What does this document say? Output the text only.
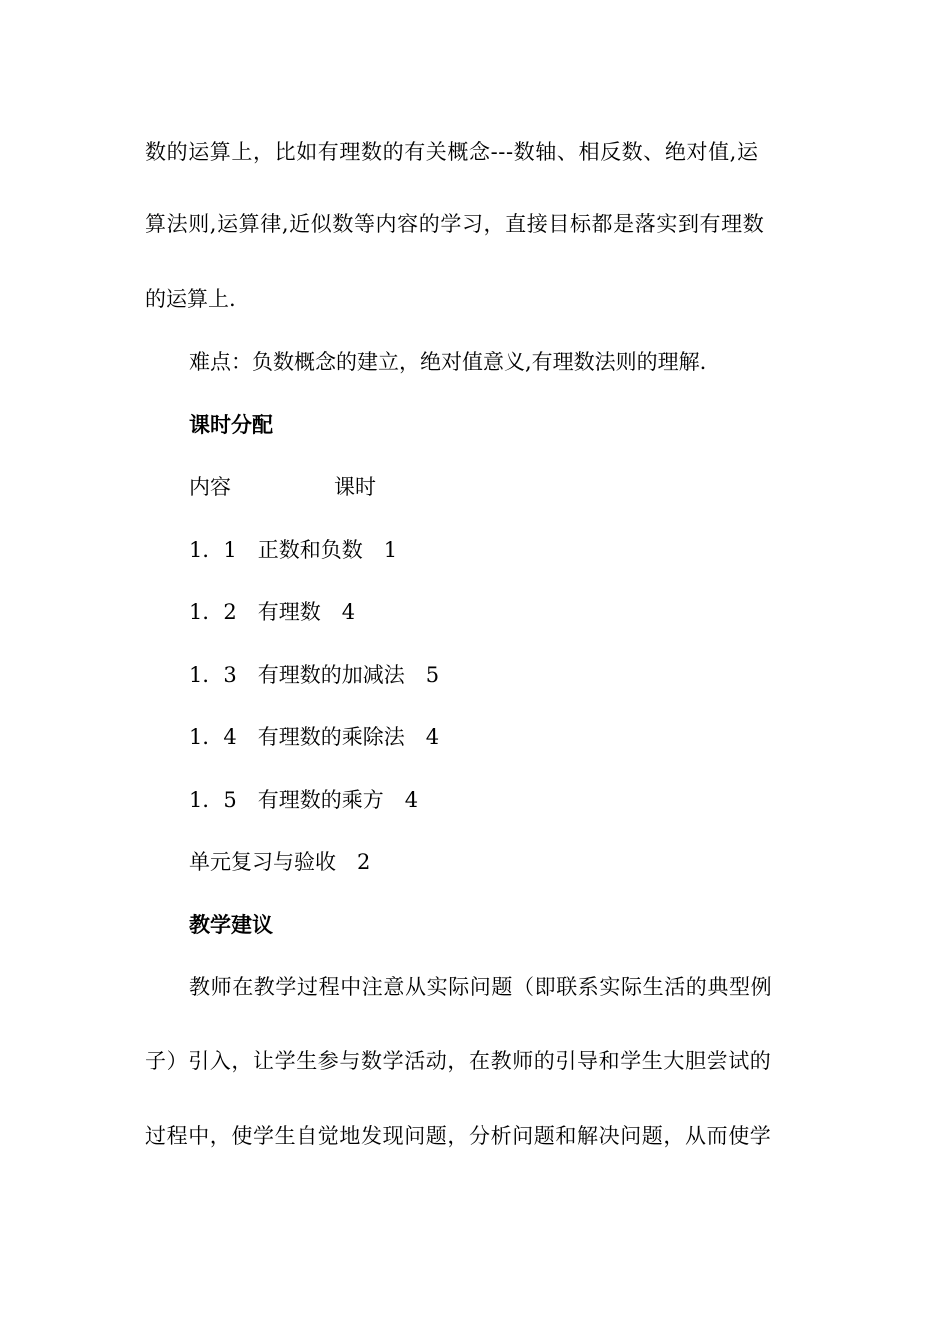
数的运算上，比如有理数的有关概念---数轴、相反数、绝对值,运
算法则,运算律,近似数等内容的学习，直接目标都是落实到有理数
的运算上.
难点：负数概念的建立，绝对值意义,有理数法则的理解.
课时分配
内容	课时
1．1　正数和负数　1
1．2　有理数　4
1．3　有理数的加减法　5
1．4　有理数的乘除法　4
1．5　有理数的乘方　4
单元复习与验收　2
教学建议
教师在教学过程中注意从实际问题（即联系实际生活的典型例
子）引入，让学生参与数学活动，在教师的引导和学生大胆尝试的
过程中，使学生自觉地发现问题，分析问题和解决问题，从而使学
